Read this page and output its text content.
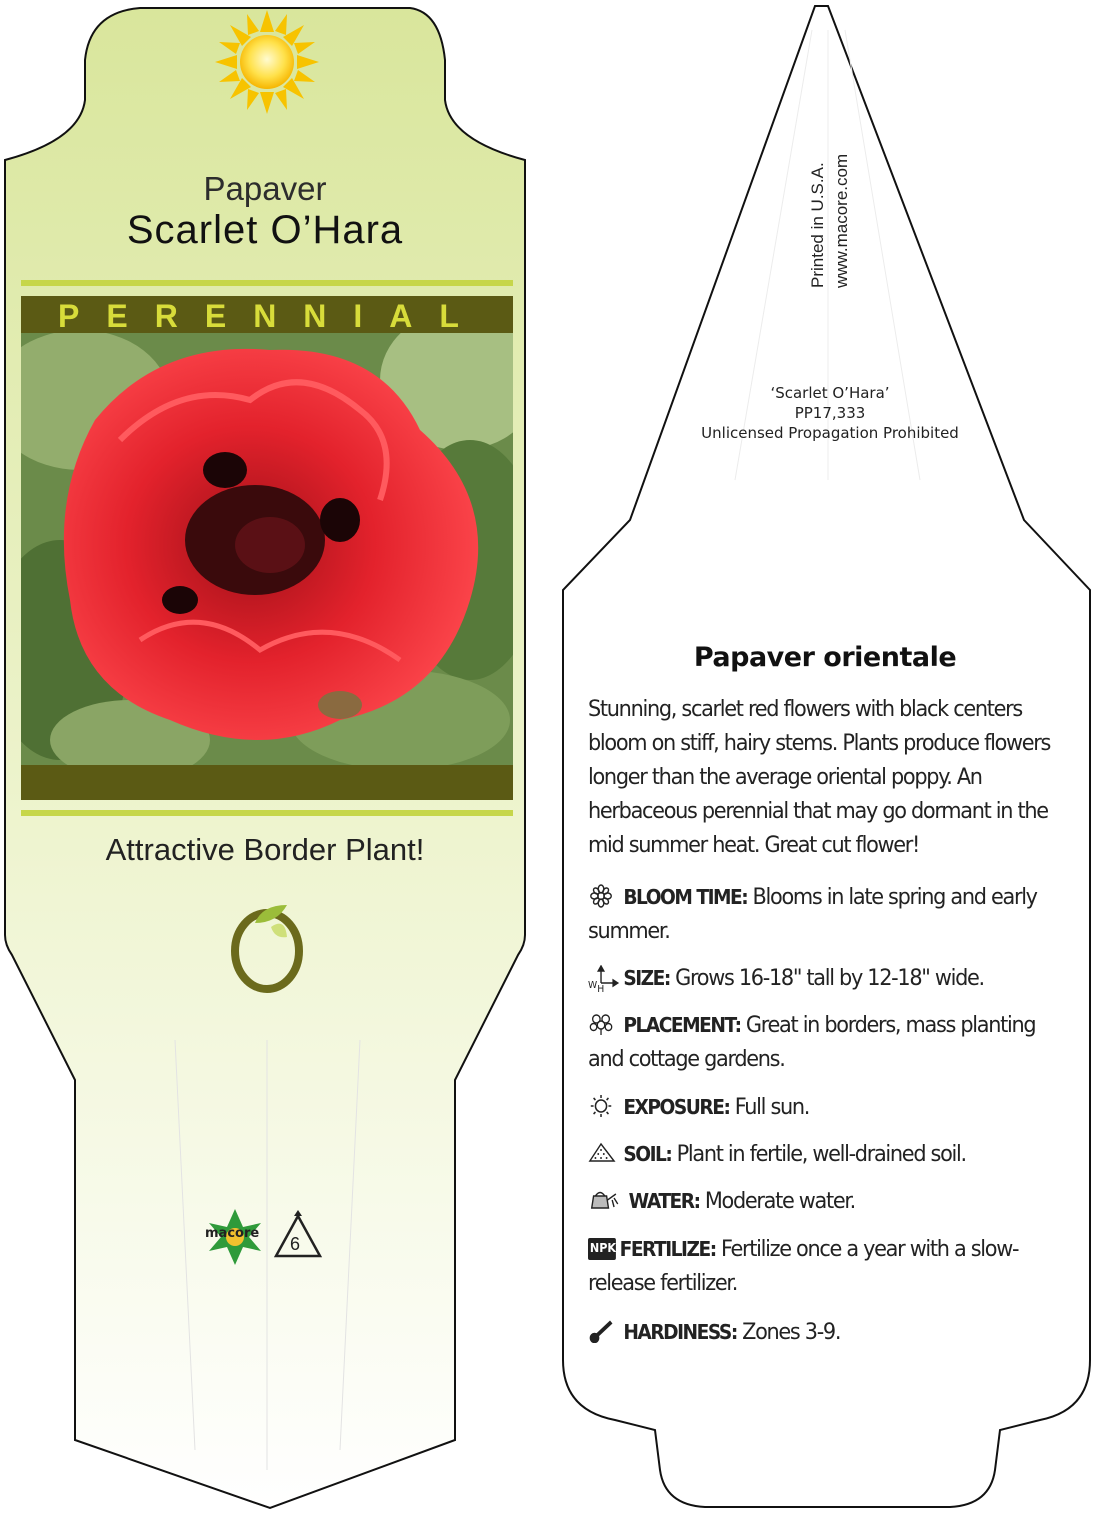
Papaver
Scarlet O’Hara
PERENNIAL
Attractive Border Plant!
macore
6
Printed in U.S.A. www.macore.com
‘Scarlet O’Hara’
PP17,333
Unlicensed Propagation Prohibited
Papaver orientale
Stunning, scarlet red flowers with black centers bloom on stiff, hairy stems. Plants produce flowers longer than the average oriental poppy. An herbaceous perennial that may go dormant in the mid summer heat. Great cut flower!
BLOOM TIME: Blooms in late spring and early summer.
W H SIZE: Grows 16-18" tall by 12-18" wide.
PLACEMENT: Great in borders, mass planting and cottage gardens.
EXPOSURE: Full sun.
SOIL: Plant in fertile, well-drained soil.
WATER: Moderate water.
NPK FERTILIZE: Fertilize once a year with a slow-release fertilizer.
HARDINESS: Zones 3-9.
